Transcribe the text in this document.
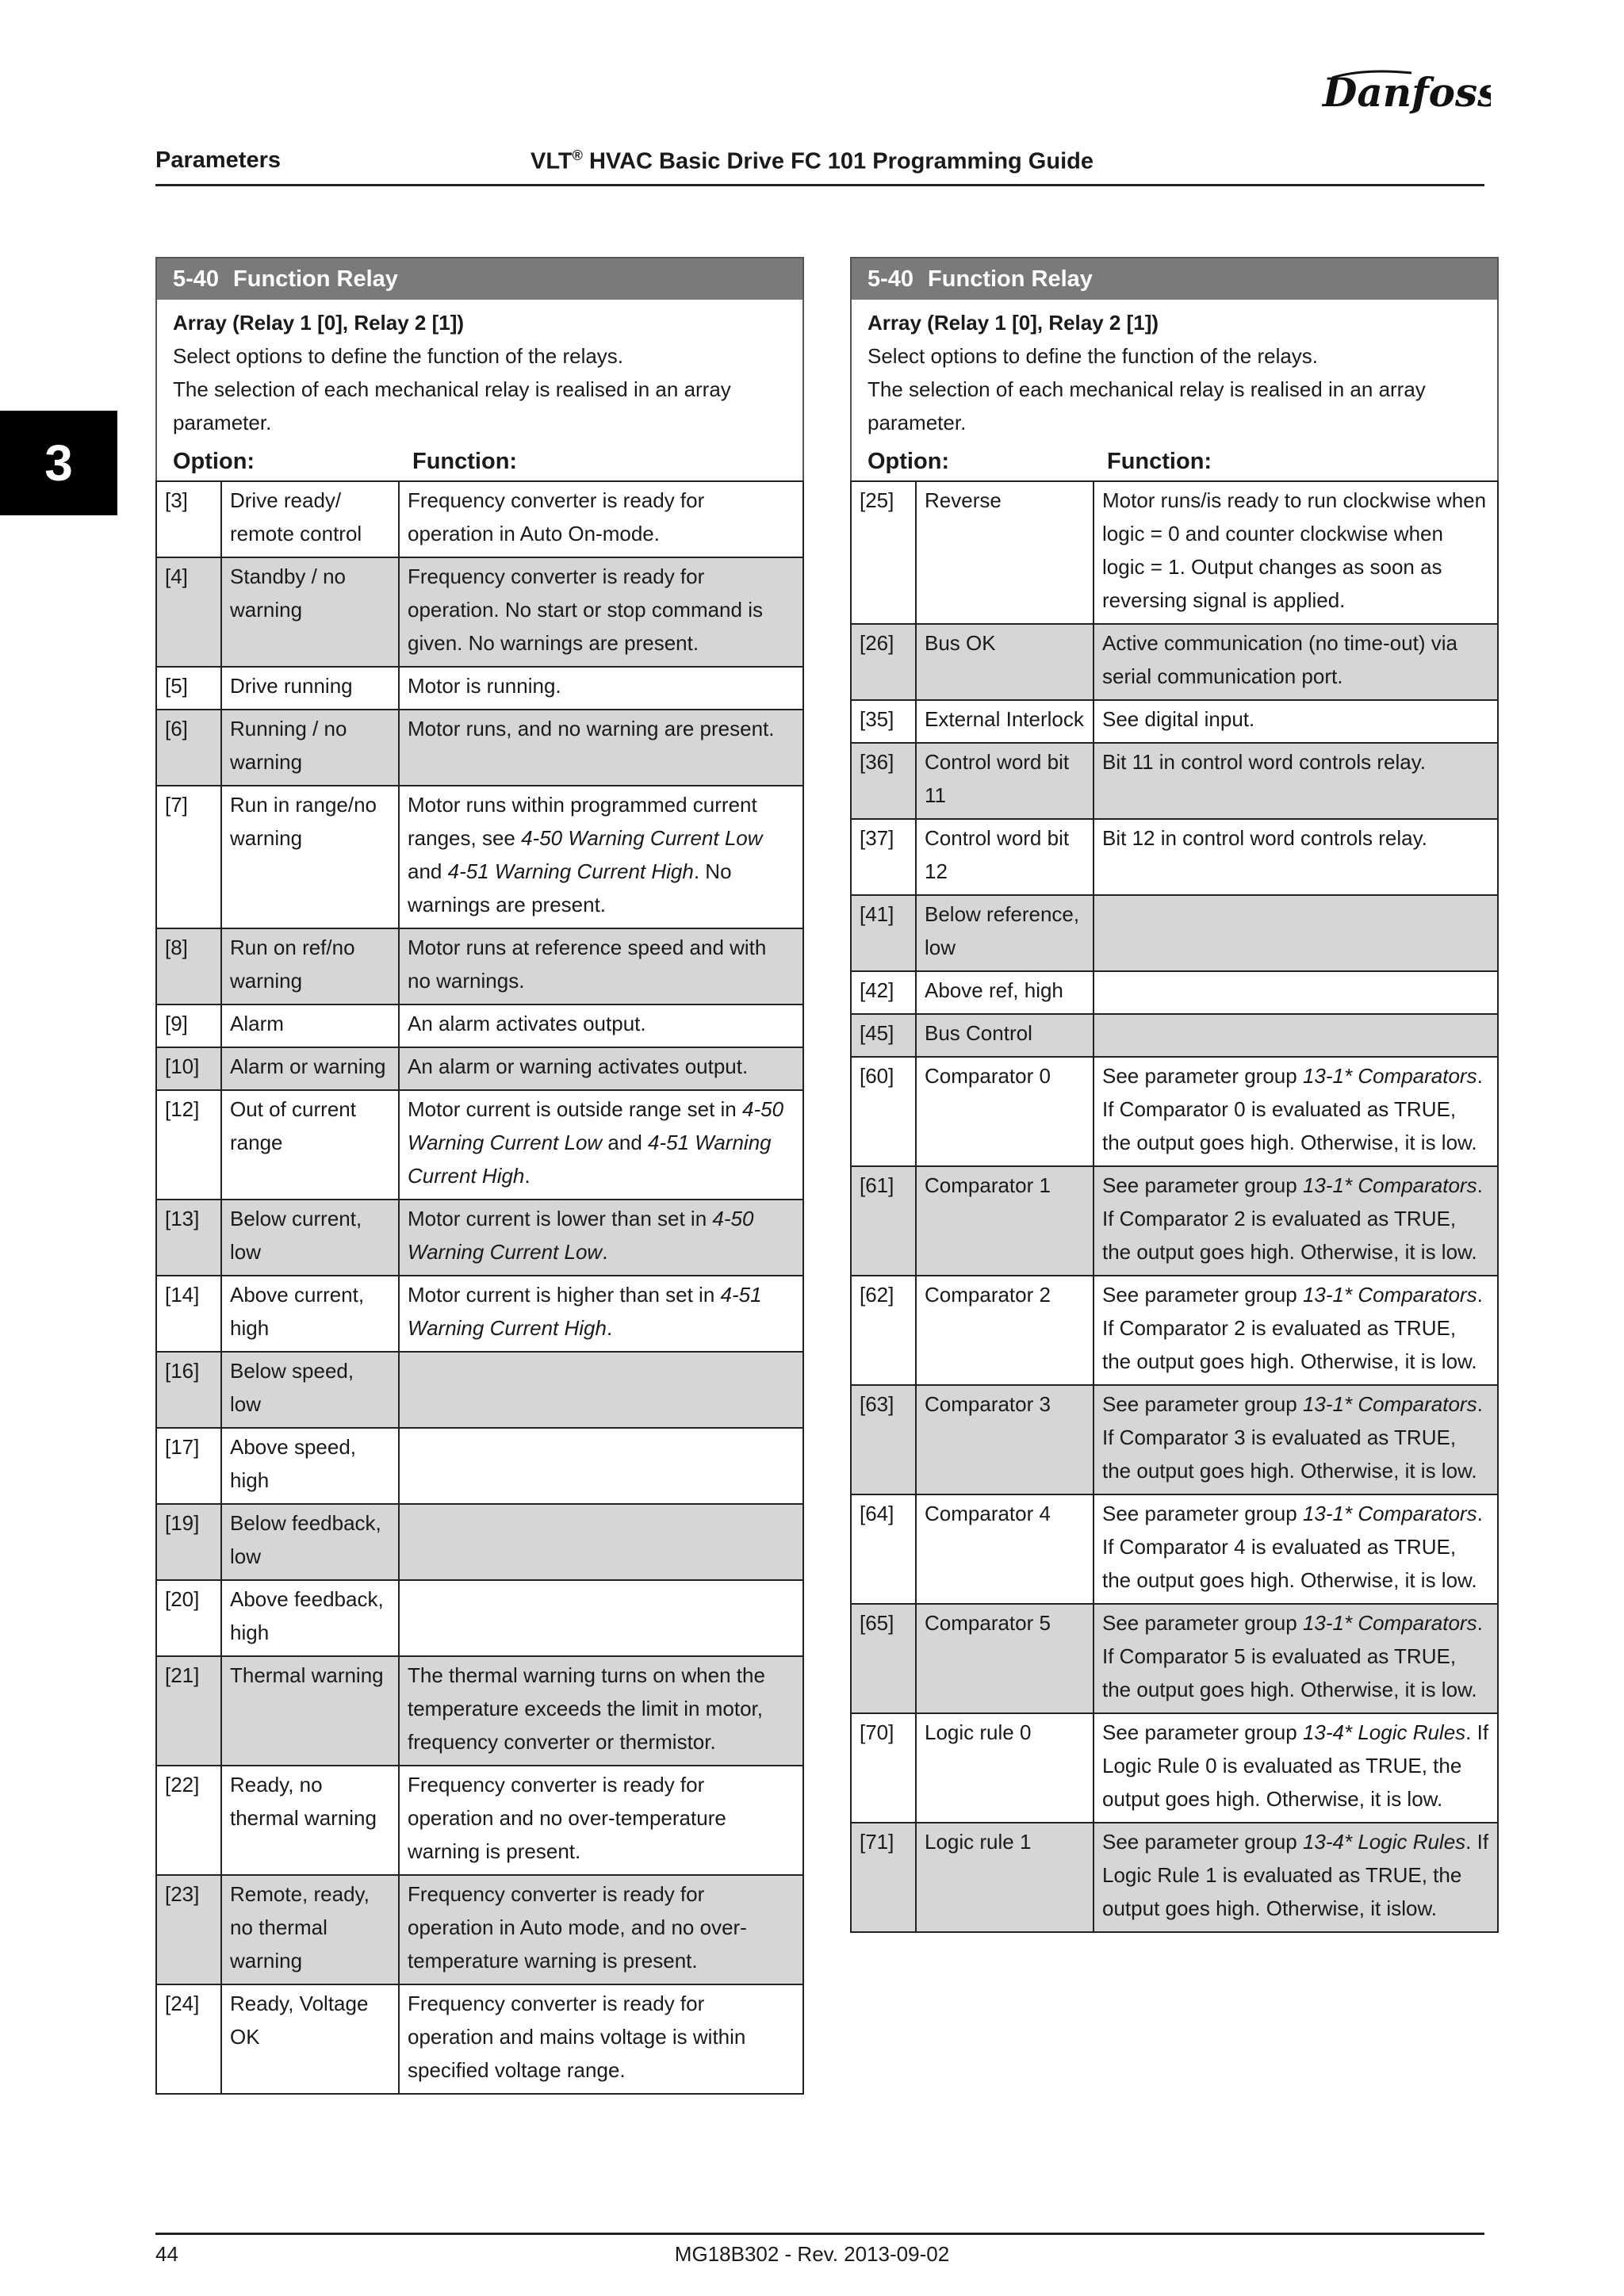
Danfoss
Parameters	VLT® HVAC Basic Drive FC 101 Programming Guide
3
5-40 Function Relay
Array (Relay 1 [0], Relay 2 [1])
Select options to define the function of the relays.
The selection of each mechanical relay is realised in an array parameter.
Option:	Function:
[3]	Drive ready/ remote control	Frequency converter is ready for operation in Auto On-mode.
[4]	Standby / no warning	Frequency converter is ready for operation. No start or stop command is given. No warnings are present.
[5]	Drive running	Motor is running.
[6]	Running / no warning	Motor runs, and no warning are present.
[7]	Run in range/no warning	Motor runs within programmed current ranges, see 4-50 Warning Current Low and 4-51 Warning Current High. No warnings are present.
[8]	Run on ref/no warning	Motor runs at reference speed and with no warnings.
[9]	Alarm	An alarm activates output.
[10]	Alarm or warning	An alarm or warning activates output.
[12]	Out of current range	Motor current is outside range set in 4-50 Warning Current Low and 4-51 Warning Current High.
[13]	Below current, low	Motor current is lower than set in 4-50 Warning Current Low.
[14]	Above current, high	Motor current is higher than set in 4-51 Warning Current High.
[16]	Below speed, low	
[17]	Above speed, high	
[19]	Below feedback, low	
[20]	Above feedback, high	
[21]	Thermal warning	The thermal warning turns on when the temperature exceeds the limit in motor, frequency converter or thermistor.
[22]	Ready, no thermal warning	Frequency converter is ready for operation and no over-temperature warning is present.
[23]	Remote, ready, no thermal warning	Frequency converter is ready for operation in Auto mode, and no over-temperature warning is present.
[24]	Ready, Voltage OK	Frequency converter is ready for operation and mains voltage is within specified voltage range.
5-40 Function Relay
Array (Relay 1 [0], Relay 2 [1])
Select options to define the function of the relays.
The selection of each mechanical relay is realised in an array parameter.
Option:	Function:
[25]	Reverse	Motor runs/is ready to run clockwise when logic = 0 and counter clockwise when logic = 1. Output changes as soon as reversing signal is applied.
[26]	Bus OK	Active communication (no time-out) via serial communication port.
[35]	External Interlock	See digital input.
[36]	Control word bit 11	Bit 11 in control word controls relay.
[37]	Control word bit 12	Bit 12 in control word controls relay.
[41]	Below reference, low	
[42]	Above ref, high	
[45]	Bus Control	
[60]	Comparator 0	See parameter group 13-1* Comparators. If Comparator 0 is evaluated as TRUE, the output goes high. Otherwise, it is low.
[61]	Comparator 1	See parameter group 13-1* Comparators. If Comparator 2 is evaluated as TRUE, the output goes high. Otherwise, it is low.
[62]	Comparator 2	See parameter group 13-1* Comparators. If Comparator 2 is evaluated as TRUE, the output goes high. Otherwise, it is low.
[63]	Comparator 3	See parameter group 13-1* Comparators. If Comparator 3 is evaluated as TRUE, the output goes high. Otherwise, it is low.
[64]	Comparator 4	See parameter group 13-1* Comparators. If Comparator 4 is evaluated as TRUE, the output goes high. Otherwise, it is low.
[65]	Comparator 5	See parameter group 13-1* Comparators. If Comparator 5 is evaluated as TRUE, the output goes high. Otherwise, it is low.
[70]	Logic rule 0	See parameter group 13-4* Logic Rules. If Logic Rule 0 is evaluated as TRUE, the output goes high. Otherwise, it is low.
[71]	Logic rule 1	See parameter group 13-4* Logic Rules. If Logic Rule 1 is evaluated as TRUE, the output goes high. Otherwise, it islow.
44	MG18B302 - Rev. 2013-09-02
